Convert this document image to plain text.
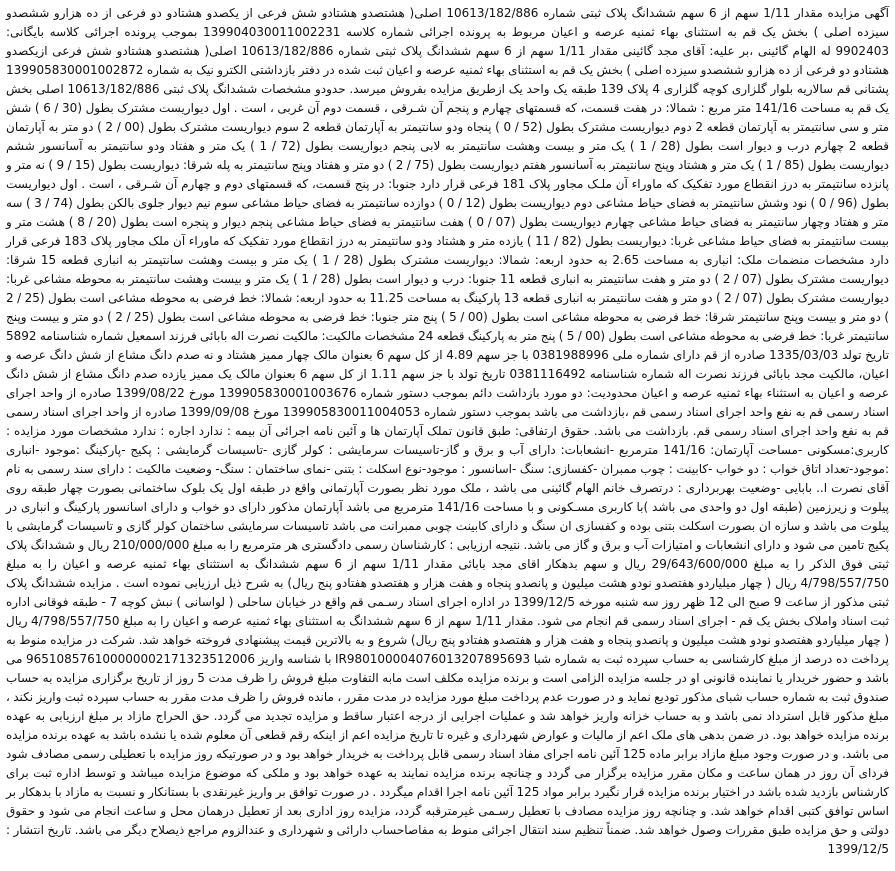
آگهی مزایده مقدار 1/11 سهم از 6 سهم ششدانگ پلاک ثبتی شماره 10613/182/886 اصلی( هشتصدو هشتادو شش فرعی از یکصدو هشتادو دو فرعی از ده هزارو ششصدو سیزده اصلی ) بخش یک قم به استثنای بهاء ثمنیه عرصه و اعیان مربوط به پرونده اجرائی شماره کلاسه 139904030011002231 بموجب پرونده اجرائی کلاسه بایگانی: 9902403 له الهام گائینی ،بر علیه: آقای مجد گائینی مقدار 1/11 سهم از 6 سهم ششدانگ پلاک ثبتی شماره 10613/182/886 اصلی( هشتصدو هشتادو شش فرعی ازیکصدو هشتادو دو فرعی از ده هزارو ششصدو سیزده اصلی ) بخش یک قم به استثنای بهاء ثمنیه عرصه و اعیان ثبت شده در دفتر بازداشتی الکترو نیک به شماره 139905830001002872 پشتانی قم سالاریه بلوار گلزاری کوچه گلزاری 4 پلاک 139 طبقه یک واحد یک ازطریق مزایده بفروش میرسد. حدودو مشخصات ششدانگ پلاک ثبتی 10613/182/886 اصلی بخش یک قم به مساحت 141/16 متر مربع : شمالا: در هفت قسمت، که قسمتهای چهارم و پنجم آن شـرقی ، قسمت دوم آن غربی ، است . اول دیواریست مشترک بطول (30 / 6 ) شش متر و سی سانتیمتر به آپارتمان قطعه 2 دوم دیواریست مشترک بطول (52 / 0 ) پنجاه ودو سانتیمتر به آپارتمان قطعه 2 سوم دیواریست مشترک بطول (00 / 2 ) دو متر به آپارتمان قطعه 2 چهارم درب و دیوار است بطول (28 / 1 ) یک متر و بیست وهشت سانتیمتر به لابی پنجم دیواریست بطول (72 / 1 ) یک متر و هفتاد ودو سانتیمتر به آسانسور ششم دیواریست بطول (85 / 1 ) یک متر و هشتاد وپنج سانتیمتر به آسانسور هفتم دیواریست بطول (75 / 2 ) دو متر و هفتاد وپنج سانتیمتر به پله شرقا: دیواریست بطول (15 / 9 ) نه متر و پانزده سانتیمتر به درز انقطاع مورد تفکیک که ماوراء آن ملـک مجاور پلاک 181 فرعی قرار دارد جنوبا: در پنج قسمت، که قسمتهای دوم و چهارم آن شـرقی ، است . اول دیواریست بطول (96 / 0 ) نود وشش سانتیمتر به فضای حیاط مشاعی دوم دیواریست بطول (12 / 0 ) دوازده سانتیمتر به فضای حیاط مشاعی سوم نیم دیوار جلوی بالکن بطول (74 / 3 ) سه متر و هفتاد وچهار سانتیمتر به فضای حیاط مشاعی چهارم دیواریست بطول (07 / 0 ) هفت سانتیمتر به فضای حیاط مشاعی پنجم دیوار و پنجره است بطول (20 / 8 ) هشت متر و بیست سانتیمتر به فضای حیاط مشاعی غربا: دیواریست بطول (82 / 11 ) یازده متر و هشتاد ودو سانتیمتر به درز انقطاع مورد تفکیک که ماوراء آن ملک مجاور پلاک 183 فرعی قرار دارد مشخصات منضمات ملک: انباری به مساحت 2.65 به حدود اربعه: شمالا: دیواریست مشترک بطول (28 / 1 ) یک متر و بیست وهشت سانتیمتر به انباری قطعه 15 شرقا: دیواریست مشترک بطول (07 / 2 ) دو متر و هفت سانتیمتر به انباری قطعه 11 جنوبا: درب و دیوار است بطول (28 / 1 ) یک متر و بیست وهشت سانتیمتر به محوطه مشاعی غربا: دیواریست مشترک بطول (07 / 2 ) دو متر و هفت سانتیمتر به انباری قطعه 13 پارکینگ به مساحت 11.25 به حدود اربعه: شمالا: خط فرضی به محوطه مشاعی است بطول (25 / 2 ) دو متر و بیست وپنج سانتیمتر شرقا: خط فرضی به محوطه مشاعی است بطول (00 / 5 ) پنج متر جنوبا: خط فرضی به محوطه مشاعی است بطول (25 / 2 ) دو متر و بیست وپنج سانتیمتر غربا: خط فرضی به محوطه مشاعی است بطول (00 / 5 ) پنج متر به پارکینگ قطعه 24 مشخصات مالکیت: مالکیت نصرت اله بابائی فرزند اسمعیل شماره شناسنامه 5892 تاریخ تولد 1335/03/03 صادره از قم دارای شماره ملی 0381988996 با جز سهم 4.89 از کل سهم 6 بعنوان مالک چهار ممیز هشتاد و نه صدم دانگ مشاع از شش دانگ عرصه و اعیان، مالکیت مجد بابائی فرزند نصرت اله شماره شناسنامه 0381116492 تاریخ تولد با جز سهم 1.11 از کل سهم 6 بعنوان مالک یک ممیز یازده صدم دانگ مشاع از شش دانگ عرصه و اعیان به استثناء بهاء ثمنیه عرصه و اعیان محدودیت: دو مورد بازداشت دائم بموجب دستور شماره 139905830001003676 مورخ 1399/08/22 صادره از واحد اجرای اسناد رسمی قم به نفع واحد اجرای اسناد رسمی قم ،بازداشت می باشد بموجب دستور شماره 139905830011004053 مورخ 1399/09/08 صادره از واحد اجرای اسناد رسمی قم به نفع واحد اجرای اسناد رسمی قم. بازداشت می باشد. حقوق ارتفاقی: طبق قانون تملک آپارتمان ها و آئین نامه اجرائی آن بیمه : ندارد اجاره : ندارد مشخصات مورد مزایده : کاربری:مسکونی -مساحت آپارتمان: 141/16 مترمربع -انشعابات: دارای آب و برق و گاز-تاسیسات سرمایشی : کولر گازی -تاسیسات گرمایشی : پکیج -پارکینگ :موجود -انباری :موجود-تعداد اتاق خواب : دو خواب -کابینت : چوب ممبران -کفسازی: سنگ -اسانسور : موجود-نوع اسکلت : بتنی -نمای ساختمان : سنگ- وضعیت مالکیت : دارای سند رسمی به نام آقای نصرت ا.. بابایی -وضعیت بهربرداری : درتصرف خانم الهام گائینی می باشد ، ملک مورد نظر بصورت آپارتمانی واقع در طبقه اول یک بلوک ساختمانی بصورت چهار طبقه روی پیلوت و زیرزمین (طبقه اول دو واحدی می باشد )با کاربری مسـکونی و با مساحت 141/16 مترمربع می باشد آپارتمان مذکور دارای دو خواب و دارای اسانسور پارکینگ و انباری در پیلوت می باشد و سازه ان بصورت اسکلت بتنی بوده و کفسازی ان سنگ و دارای کابینت چوبی ممبرانت می باشد تاسیسات سرمایشی ساختمان کولر گازی و تاسیسات گرمایشی با پکیج تامین می شود و دارای انشعابات و امتیازات آب و برق و گاز می باشد. نتیجه ارزیابی : کارشناسان رسمی دادگستری هر مترمربع را به مبلغ 210/000/000 ریال و ششدانگ پلاک ثبتی فوق الذکر را به مبلغ 29/643/600/000 ریال و سهم بدهکار اقای مجد بابائی مقدار 1/11 سهم از 6 سهم ششدانگ به استثنای بهاء ثمنیه عرصه و اعیان را به مبلغ 4/798/557/750 ریال ( چهار میلیاردو هفتصدو نودو هشت میلیون و پانصدو پنجاه و هفت هزار و هفتصدو هفتادو پنج ریال) به شرح ذیل ارزیابی نموده است . مزایده ششدانگ پلاک ثبتی مذکور از ساعت 9 صبح الی 12 ظهر روز سه شنبه مورخه 1399/12/5 در اداره اجرای اسناد رسـمی قم واقع در خیابان ساحلی ( لواسانی ) نبش کوچه 7 - طبقه فوقانی اداره ثبت اسناد واملاک بخش یک قم - اجرای اسناد رسمی قم انجام می شود. مقدار 1/11 سهم از 6 سهم ششدانگ به استثنای بهاء ثمنیه عرصه و اعیان را به مبلغ 4/798/557/750 ریال ( چهار میلیاردو هفتصدو نودو هشت میلیون و پانصدو پنجاه و هفت هزار و هفتصدو هفتادو پنج ریال) شروع و به بالاترین قیمت پیشنهادی فروخته خواهد شد. شرکت در مزایده منوط به پرداخت ده درصد از مبلغ کارشناسی به حساب سپرده ثبت به شماره شبا IR980100004076013207895693 با شناسه واریز 965108576100000002171323512006 می باشد و حضور خریدار یا نماینده قانونی او در جلسه مزایده الزامی است و برنده مزایده مکلف است مابه التفاوت مبلغ فروش را ظرف مدت 5 روز از تاریخ برگزاری مزایده به حساب صندوق ثبت به شماره حساب شبای مذکور تودیع نماید و در صورت عدم پرداخت مبلغ مورد مزایده در مدت مقرر ، مانده فروش را ظرف مدت مقرر به حساب سپرده ثبت واریز نکند ، مبلغ مذکور قابل استرداد نمی باشد و به حساب خزانه واریز خواهد شد و عملیات اجرایی از درجه اعتبار ساقط و مزایده تجدید می گردد. حق الحراج مازاد بر مبلغ ارزیابی به عهده برنده مزایده خواهد بود. در ضمن بدهی های ملک اعم از مالیات و عوارض شهرداری و غیره تا تاریخ مزایده اعم از اینکه رقم قطعی آن معلوم شده یا نشده باشد به عهده برنده مزایده می باشد. و در صورت وجود مبلغ مازاد برابر ماده 125 آئین نامه اجرای مفاد اسناد رسمی قابل پرداخت به خریدار خواهد بود و در صورتیکه روز مزایده با تعطیلی رسمی مصادف شود فردای آن روز در همان ساعت و مکان مقرر مزایده برگزار می گردد و چنانچه برنده مزایده نمایند به عهده خواهد بود و ملکی که موضوع مزایده میباشد و توسط اداره ثبت برای کارشناس بازدید شده باشد در اختیار برنده مزایده قرار نگیرد برابر مواد 125 آئین نامه اجرا اقدام میگردد . در صورت توافق بر واریز غیرنقدی با بستانکار و نسبت به مازاد با بدهکار بر اساس توافق کتبی اقدام خواهد شد. و چنانچه روز مزایده مصادف با تعطیل رسـمی غیرمترقبه گردد، مزایده روز اداری بعد از تعطیل درهمان محل و ساعت انجام می شود و حقوق دولتی و حق مزایده طبق مقررات وصول خواهد شد. ضمناً تنظیم سند انتقال اجرائی منوط به مفاصاحساب دارائی و شهرداری و عندالزوم مراجع ذیصلاح دیگر می باشد. تاریخ انتشار : 1399/12/5
